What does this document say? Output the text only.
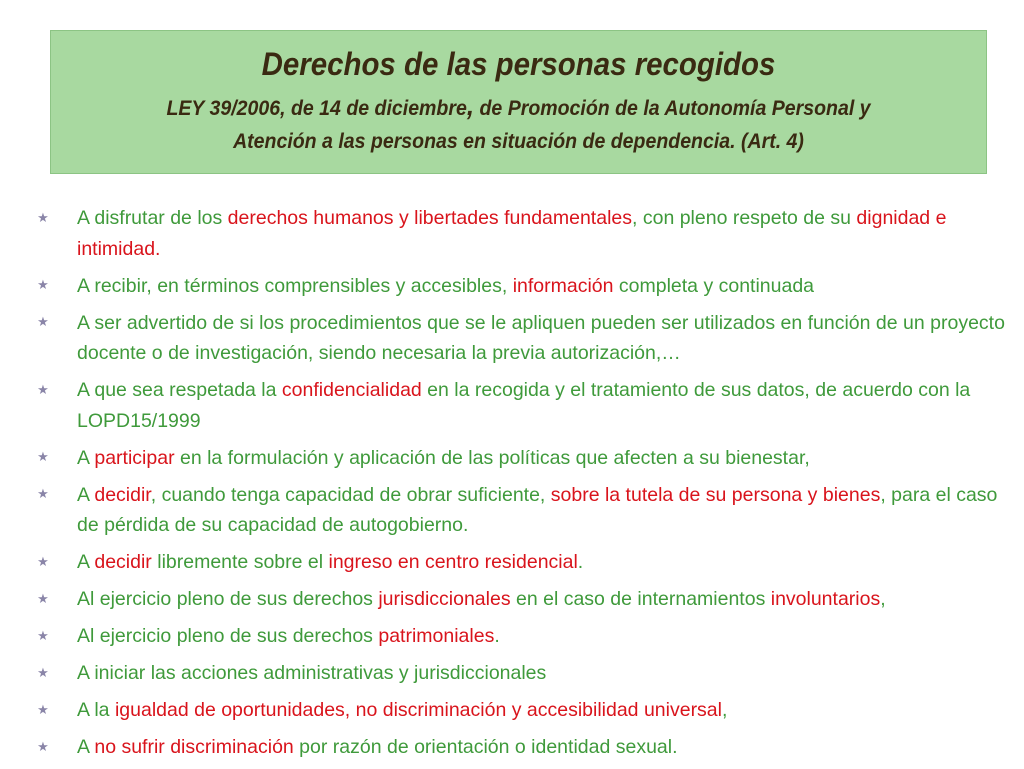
Derechos de las personas recogidos
LEY 39/2006, de 14 de diciembre, de Promoción de la Autonomía Personal y
Atención a las personas en situación de dependencia. (Art. 4)
★ A disfrutar de los derechos humanos y libertades fundamentales, con pleno respeto de su dignidad e intimidad.
★ A recibir, en términos comprensibles y accesibles, información completa y continuada
★ A ser advertido de si los procedimientos que se le apliquen pueden ser utilizados en función de un proyecto docente o de investigación, siendo necesaria la previa autorización,…
★ A que sea respetada la confidencialidad en la recogida y el tratamiento de sus datos, de acuerdo con la LOPD15/1999
★ A participar en la formulación y aplicación de las políticas que afecten a su bienestar,
★ A decidir, cuando tenga capacidad de obrar suficiente, sobre la tutela de su persona y bienes, para el caso de pérdida de su capacidad de autogobierno.
★ A decidir libremente sobre el ingreso en centro residencial.
★ Al ejercicio pleno de sus derechos jurisdiccionales en el caso de internamientos involuntarios,
★ Al ejercicio pleno de sus derechos patrimoniales.
★ A iniciar las acciones administrativas y jurisdiccionales
★ A la igualdad de oportunidades, no discriminación y accesibilidad universal,
★ A no sufrir discriminación por razón de orientación o identidad sexual.
